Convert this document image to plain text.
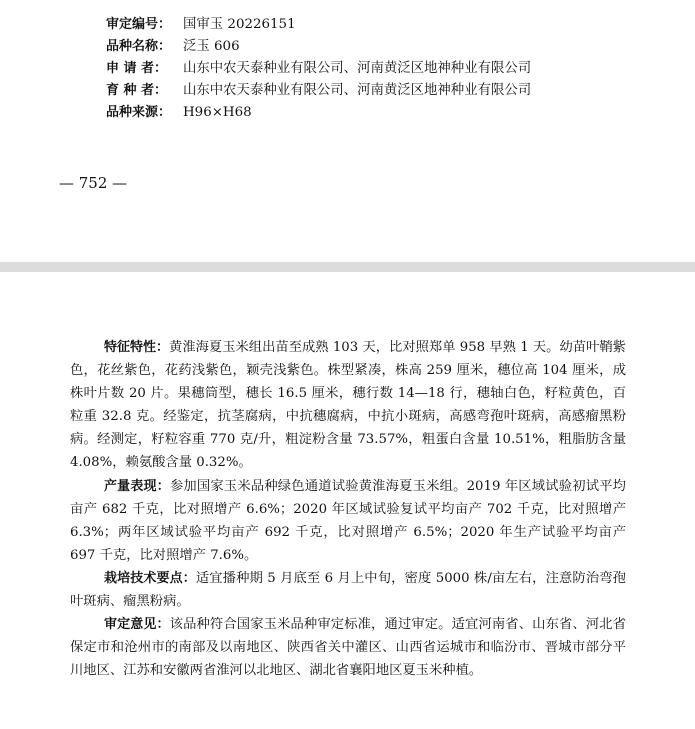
审定编号： 国审玉 20226151
品种名称： 泛玉 606
申 请 者： 山东中农天泰种业有限公司、河南黄泛区地神种业有限公司
育 种 者： 山东中农天泰种业有限公司、河南黄泛区地神种业有限公司
品种来源： H96×H68
— 752 —

特征特性：黄淮海夏玉米组出苗至成熟 103 天，比对照郑单 958 早熟 1 天。幼苗叶鞘紫色，花丝紫色，花药浅紫色，颖壳浅紫色。株型紧凑，株高 259 厘米，穗位高 104 厘米，成株叶片数 20 片。果穗筒型，穗长 16.5 厘米，穗行数 14—18 行，穗轴白色，籽粒黄色，百粒重 32.8 克。经鉴定，抗茎腐病，中抗穗腐病，中抗小斑病，高感弯孢叶斑病，高感瘤黑粉病。经测定，籽粒容重 770 克/升，粗淀粉含量 73.57%，粗蛋白含量 10.51%，粗脂肪含量 4.08%，赖氨酸含量 0.32%。

产量表现：参加国家玉米品种绿色通道试验黄淮海夏玉米组。2019 年区域试验初试平均亩产 682 千克，比对照增产 6.6%；2020 年区域试验复试平均亩产 702 千克，比对照增产 6.3%；两年区域试验平均亩产 692 千克，比对照增产 6.5%；2020 年生产试验平均亩产 697 千克，比对照增产 7.6%。

栽培技术要点：适宜播种期 5 月底至 6 月上中旬，密度 5000 株/亩左右，注意防治弯孢叶斑病、瘤黑粉病。

审定意见：该品种符合国家玉米品种审定标准，通过审定。适宜河南省、山东省、河北省保定市和沧州市的南部及以南地区、陕西省关中灌区、山西省运城市和临汾市、晋城市部分平川地区、江苏和安徽两省淮河以北地区、湖北省襄阳地区夏玉米种植。
